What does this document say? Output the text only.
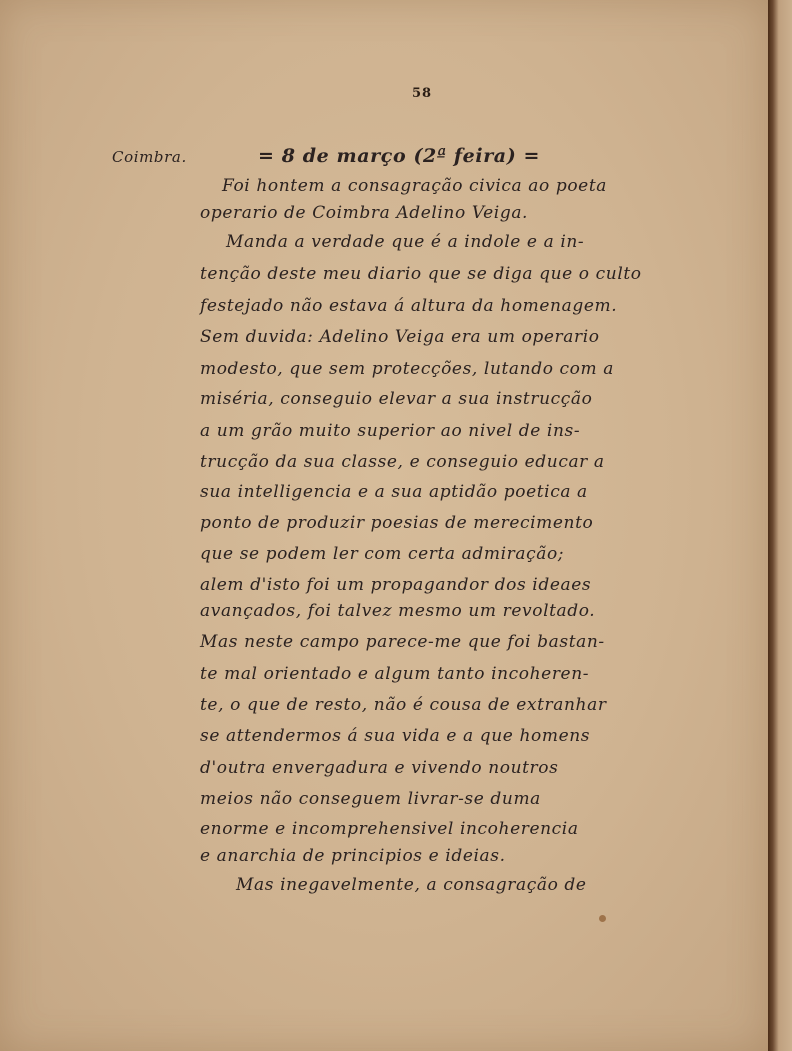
58
Coimbra.	= 8 de março (2ª feira) =
Foi hontem a consagração civica ao poeta
operario de Coimbra Adelino Veiga.
Manda a verdade que é a indole e a in-
tenção deste meu diario que se diga que o culto
festejado não estava á altura da homenagem.
Sem duvida: Adelino Veiga era um operario
modesto, que sem protecções, lutando com a
miséria, conseguio elevar a sua instrucção
a um grão muito superior ao nivel de ins-
trucção da sua classe, e conseguio educar a
sua intelligencia e a sua aptidão poetica a
ponto de produzir poesias de merecimento
que se podem ler com certa admiração;
alem d'isto foi um propagandor dos ideaes
avançados, foi talvez mesmo um revoltado.
Mas neste campo parece-me que foi bastan-
te mal orientado e algum tanto incoheren-
te, o que de resto, não é cousa de extranhar
se attendermos á sua vida e a que homens
d'outra envergadura e vivendo noutros
meios não conseguem livrar-se duma
enorme e incomprehensivel incoherencia
e anarchia de principios e ideias.
Mas inegavelmente, a consagração de
